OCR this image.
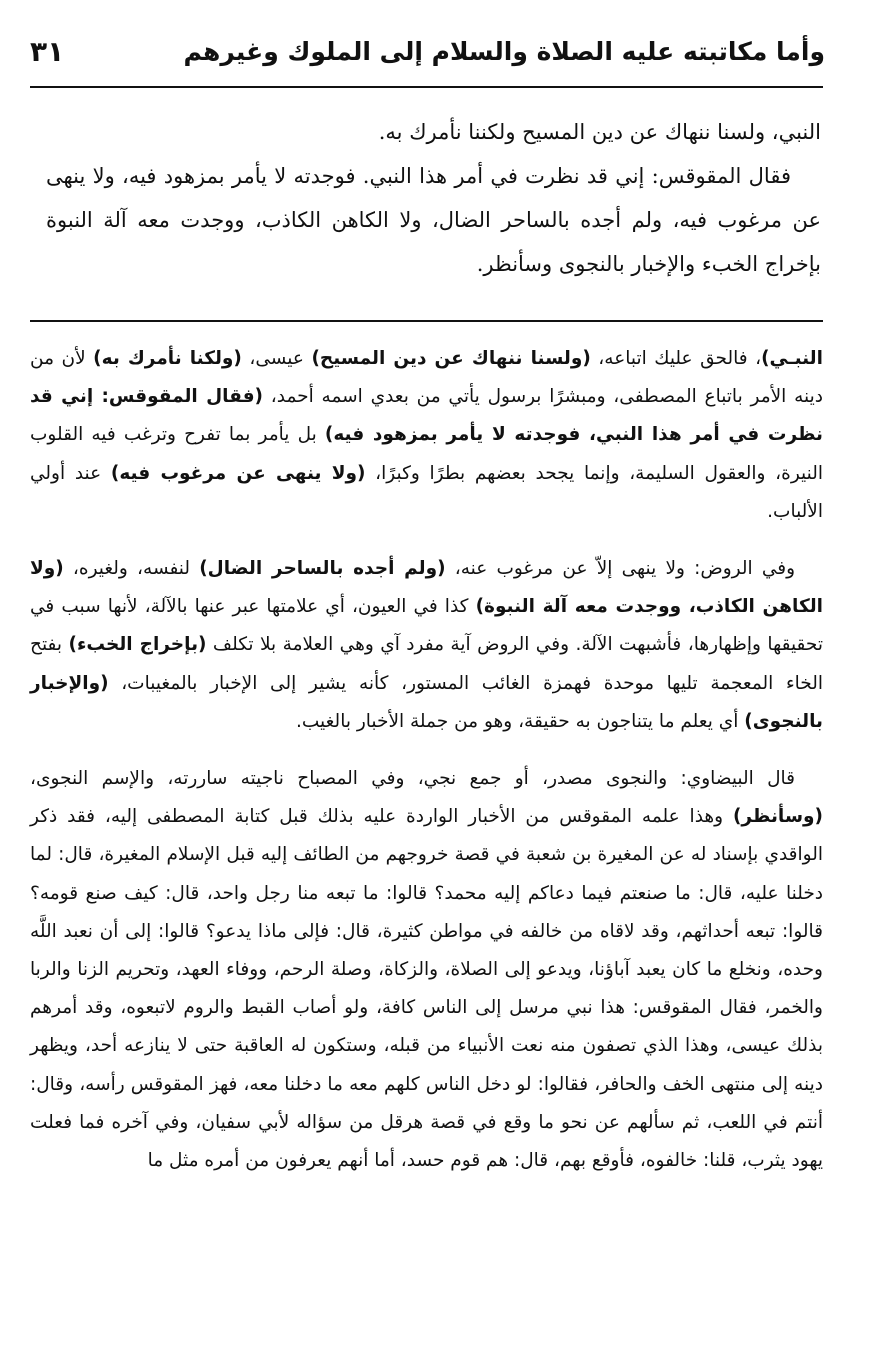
وأما مكاتبته عليه الصلاة والسلام إلى الملوك وغيرهم
٣١

النبي، ولسنا ننهاك عن دين المسيح ولكننا نأمرك به.

فقال المقوقس: إني قد نظرت في أمر هذا النبي. فوجدته لا يأمر بمزهود فيه، ولا ينهى عن مرغوب فيه، ولم أجده بالساحر الضال، ولا الكاهن الكاذب، ووجدت معه آلة النبوة بإخراج الخبء والإخبار بالنجوى وسأنظر.

النبـي)، فالحق عليك اتباعه، (ولسنا ننهاك عن دين المسيح) عيسى، (ولكنا نأمرك به) لأن من دينه الأمر باتباع المصطفى، ومبشرًا برسول يأتي من بعدي اسمه أحمد، (فقال المقوقس: إني قد نظرت في أمر هذا النبي، فوجدته لا يأمر بمزهود فيه) بل يأمر بما تفرح وترغب فيه القلوب النيرة، والعقول السليمة، وإنما يجحد بعضهم بطرًا وكبرًا، (ولا ينهى عن مرغوب فيه) عند أولي الألباب.

وفي الروض: ولا ينهى إلاّ عن مرغوب عنه، (ولم أجده بالساحر الضال) لنفسه، ولغيره، (ولا الكاهن الكاذب، ووجدت معه آلة النبوة) كذا في العيون، أي علامتها عبر عنها بالآلة، لأنها سبب في تحقيقها وإظهارها، فأشبهت الآلة. وفي الروض آية مفرد آي وهي العلامة بلا تكلف (بإخراج الخبء) بفتح الخاء المعجمة تليها موحدة فهمزة الغائب المستور، كأنه يشير إلى الإخبار بالمغيبات، (والإخبار بالنجوى) أي يعلم ما يتناجون به حقيقة، وهو من جملة الأخبار بالغيب.

قال البيضاوي: والنجوى مصدر، أو جمع نجي، وفي المصباح ناجيته ساررته، والإسم النجوى، (وسأنظر) وهذا علمه المقوقس من الأخبار الواردة عليه بذلك قبل كتابة المصطفى إليه، فقد ذكر الواقدي بإسناد له عن المغيرة بن شعبة في قصة خروجهم من الطائف إليه قبل الإسلام المغيرة، قال: لما دخلنا عليه، قال: ما صنعتم فيما دعاكم إليه محمد؟ قالوا: ما تبعه منا رجل واحد، قال: كيف صنع قومه؟ قالوا: تبعه أحداثهم، وقد لاقاه من خالفه في مواطن كثيرة، قال: فإلى ماذا يدعو؟ قالوا: إلى أن نعبد اللَّه وحده، ونخلع ما كان يعبد آباؤنا، ويدعو إلى الصلاة، والزكاة، وصلة الرحم، ووفاء العهد، وتحريم الزنا والربا والخمر، فقال المقوقس: هذا نبي مرسل إلى الناس كافة، ولو أصاب القبط والروم لاتبعوه، وقد أمرهم بذلك عيسى، وهذا الذي تصفون منه نعت الأنبياء من قبله، وستكون له العاقبة حتى لا ينازعه أحد، ويظهر دينه إلى منتهى الخف والحافر، فقالوا: لو دخل الناس كلهم معه ما دخلنا معه، فهز المقوقس رأسه، وقال: أنتم في اللعب، ثم سألهم عن نحو ما وقع في قصة هرقل من سؤاله لأبي سفيان، وفي آخره فما فعلت يهود يثرب، قلنا: خالفوه، فأوقع بهم، قال: هم قوم حسد، أما أنهم يعرفون من أمره مثل ما
